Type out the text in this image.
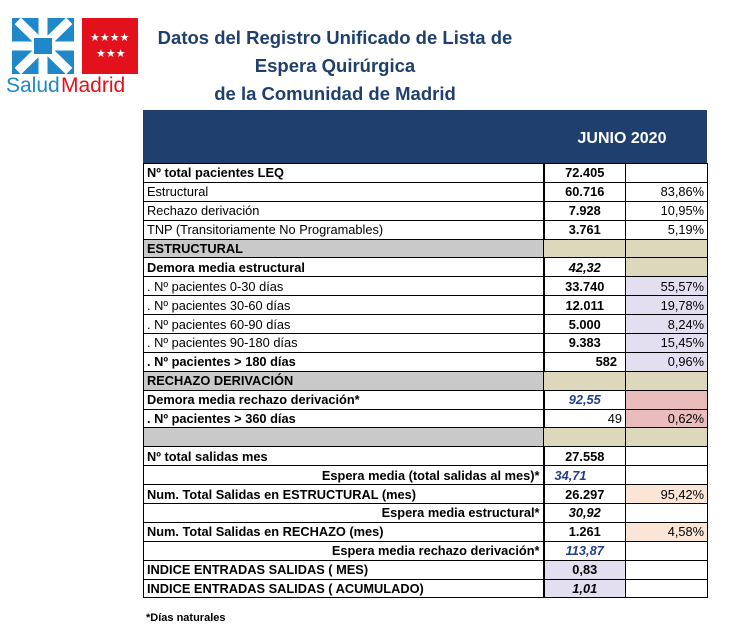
★★★★
★★★
Salud Madrid
Datos del Registro Unificado de Lista de
Espera Quirúrgica
de la Comunidad de Madrid
JUNIO 2020
Nº total pacientes LEQ	72.405	
Estructural	60.716	83,86%
Rechazo derivación	7.928	10,95%
TNP (Transitoriamente No Programables)	3.761	5,19%
ESTRUCTURAL		
Demora media estructural	42,32	
. Nº pacientes 0-30 días	33.740	55,57%
. Nº pacientes 30-60 días	12.011	19,78%
. Nº pacientes 60-90 días	5.000	8,24%
. Nº pacientes 90-180 días	9.383	15,45%
. Nº pacientes > 180 días	582	0,96%
RECHAZO DERIVACIÓN		
Demora media rechazo derivación*	92,55	
. Nº pacientes > 360 días	49	0,62%

Nº total salidas mes	27.558	
Espera media (total salidas al mes)*	34,71	
Num. Total Salidas en ESTRUCTURAL (mes)	26.297	95,42%
Espera media estructural*	30,92	
Num. Total Salidas en RECHAZO (mes)	1.261	4,58%
Espera media rechazo derivación*	113,87	
INDICE ENTRADAS SALIDAS ( MES)	0,83	
INDICE ENTRADAS SALIDAS ( ACUMULADO)	1,01	
*Días naturales
